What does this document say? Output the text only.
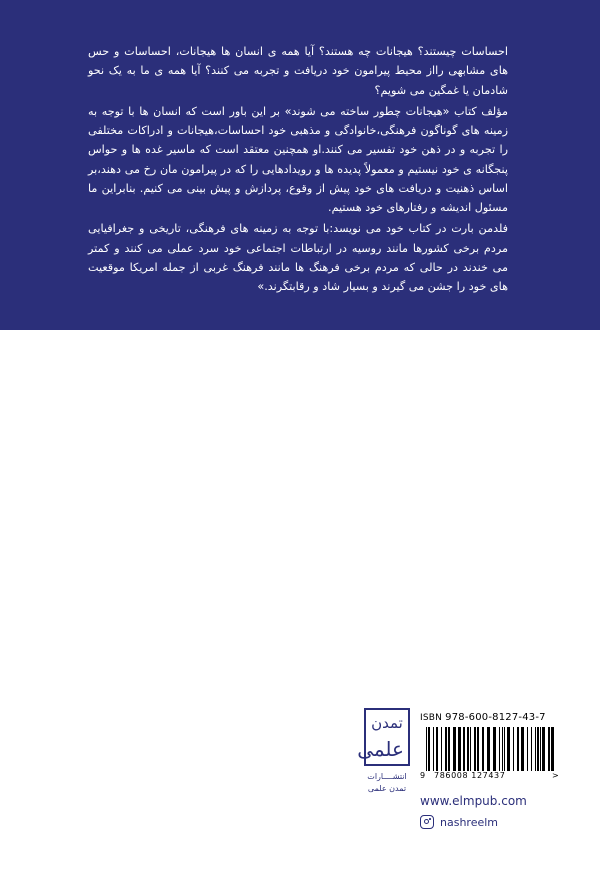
احساسات چیستند؟ هیجانات چه هستند؟ آیا همه ی انسان ها هیجانات، احساسات و حس های مشابهی رااز محیط پیرامون خود دریافت و تجربه می کنند؟ آیا همه ی ما به یک نحو شادمان یا غمگین می شویم؟

مؤلف کتاب «هیجانات چطور ساخته می شوند» بر این باور است که انسان ها با توجه به زمینه های گوناگون فرهنگی،خانوادگی و مذهبی خود احساسات،هیجانات و ادراکات مختلفی را تجربه و در ذهن خود تفسیر می کنند.او همچنین معتقد است که ماسیر غده ها و حواس پنجگانه ی خود نیستیم و معمولاً پدیده ها و رویدادهایی را که در پیرامون مان رخ می دهند،بر اساس ذهنیت و دریافت های خود پیش از وقوع، پردازش و پیش بینی می کنیم. بنابراین ما مسئول اندیشه و رفتارهای خود هستیم.

فلدمن بارت در کتاب خود می نویسد:با توجه به زمینه های فرهنگی، تاریخی و جغرافیایی مردم برخی کشورها مانند روسیه در ارتباطات اجتماعی خود سرد عملی می کنند و کمتر می خندند در حالی که مردم برخی فرهنگ ها مانند فرهنگ غربی از جمله امریکا موقعیت های خود را جشن می گیرند و بسیار شاد و رقابتگرند.»

تمدن
علمی
انتشــــارات
تمدن علمی
ISBN 978-600-8127-43-7
9 786008 127437	>
www.elmpub.com
nashreelm
